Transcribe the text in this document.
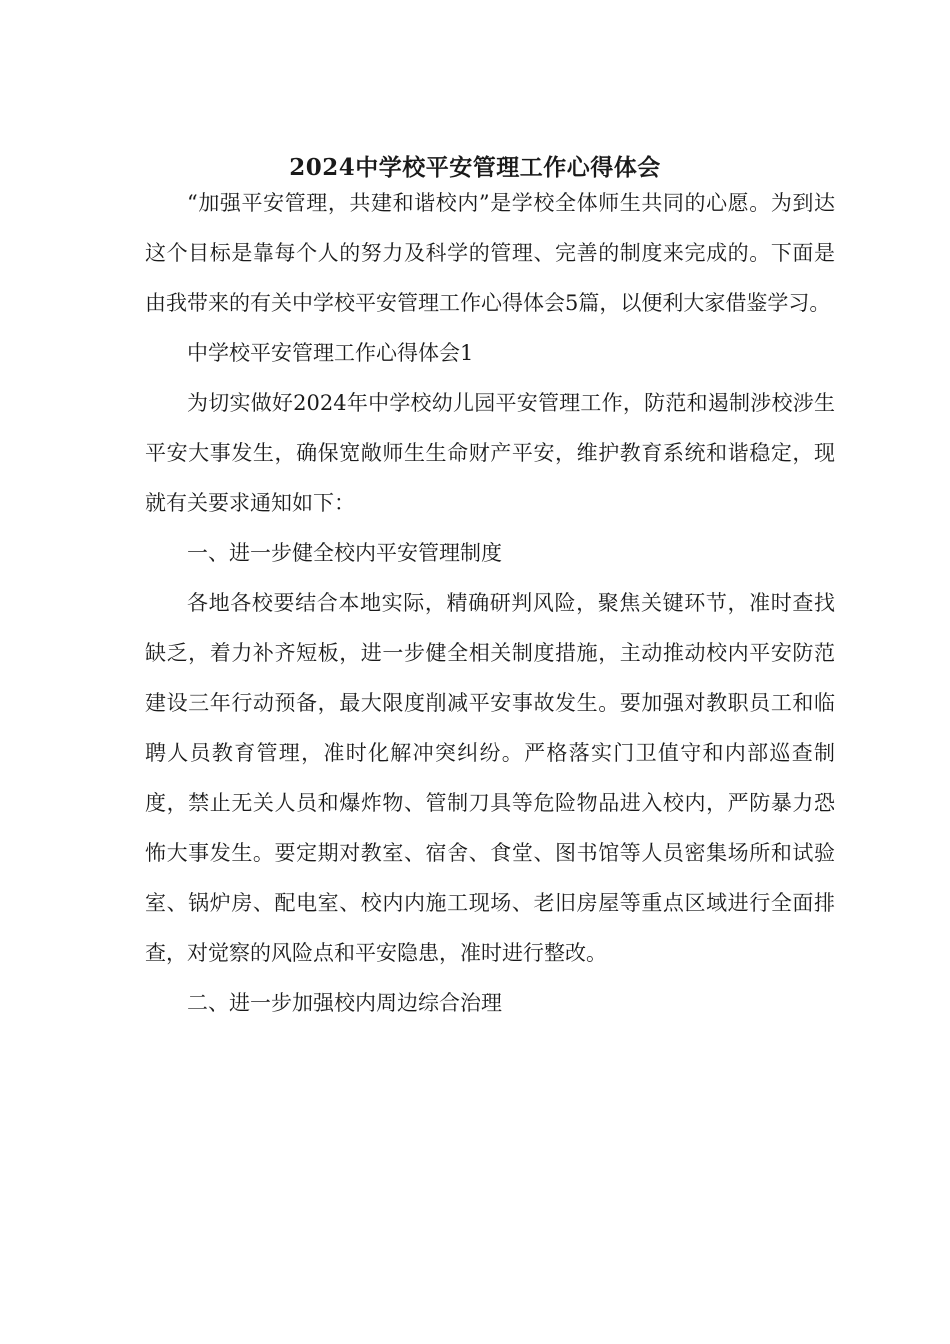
2024中学校平安管理工作心得体会

“加强平安管理，共建和谐校内”是学校全体师生共同的心愿。为到达这个目标是靠每个人的努力及科学的管理、完善的制度来完成的。下面是由我带来的有关中学校平安管理工作心得体会5篇，以便利大家借鉴学习。

中学校平安管理工作心得体会1

为切实做好2024年中学校幼儿园平安管理工作，防范和遏制涉校涉生平安大事发生，确保宽敞师生生命财产平安，维护教育系统和谐稳定，现就有关要求通知如下：

一、进一步健全校内平安管理制度

各地各校要结合本地实际，精确研判风险，聚焦关键环节，准时查找缺乏，着力补齐短板，进一步健全相关制度措施，主动推动校内平安防范建设三年行动预备，最大限度削减平安事故发生。要加强对教职员工和临聘人员教育管理，准时化解冲突纠纷。严格落实门卫值守和内部巡查制度，禁止无关人员和爆炸物、管制刀具等危险物品进入校内，严防暴力恐怖大事发生。要定期对教室、宿舍、食堂、图书馆等人员密集场所和试验室、锅炉房、配电室、校内内施工现场、老旧房屋等重点区域进行全面排查，对觉察的风险点和平安隐患，准时进行整改。

二、进一步加强校内周边综合治理
